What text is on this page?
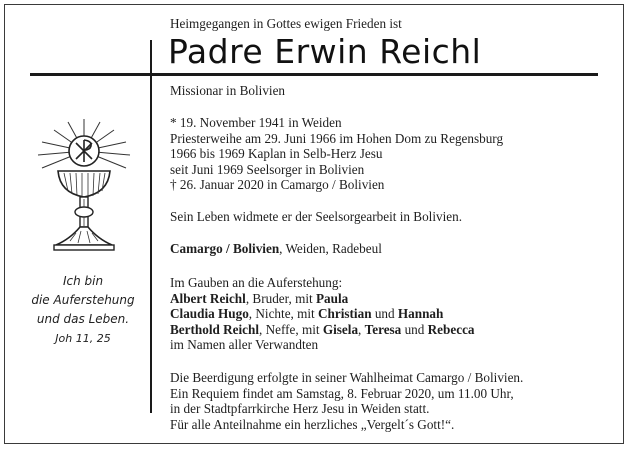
Heimgegangen in Gottes ewigen Frieden ist
Padre Erwin Reichl
Missionar in Bolivien
* 19. November 1941 in Weiden
Priesterweihe am 29. Juni 1966 im Hohen Dom zu Regensburg
1966 bis 1969 Kaplan in Selb-Herz Jesu
seit Juni 1969 Seelsorger in Bolivien
† 26. Januar 2020 in Camargo / Bolivien
Sein Leben widmete er der Seelsorgearbeit in Bolivien.
Camargo / Bolivien, Weiden, Radebeul
Im Gauben an die Auferstehung:
Albert Reichl, Bruder, mit Paula
Claudia Hugo, Nichte, mit Christian und Hannah
Berthold Reichl, Neffe, mit Gisela, Teresa und Rebecca
im Namen aller Verwandten
Die Beerdigung erfolgte in seiner Wahlheimat Camargo / Bolivien.
Ein Requiem findet am Samstag, 8. Februar 2020, um 11.00 Uhr,
in der Stadtpfarrkirche Herz Jesu in Weiden statt.
Für alle Anteilnahme ein herzliches „Vergelt´s Gott!“.
Ich bin
die Auferstehung
und das Leben.
Joh 11, 25
